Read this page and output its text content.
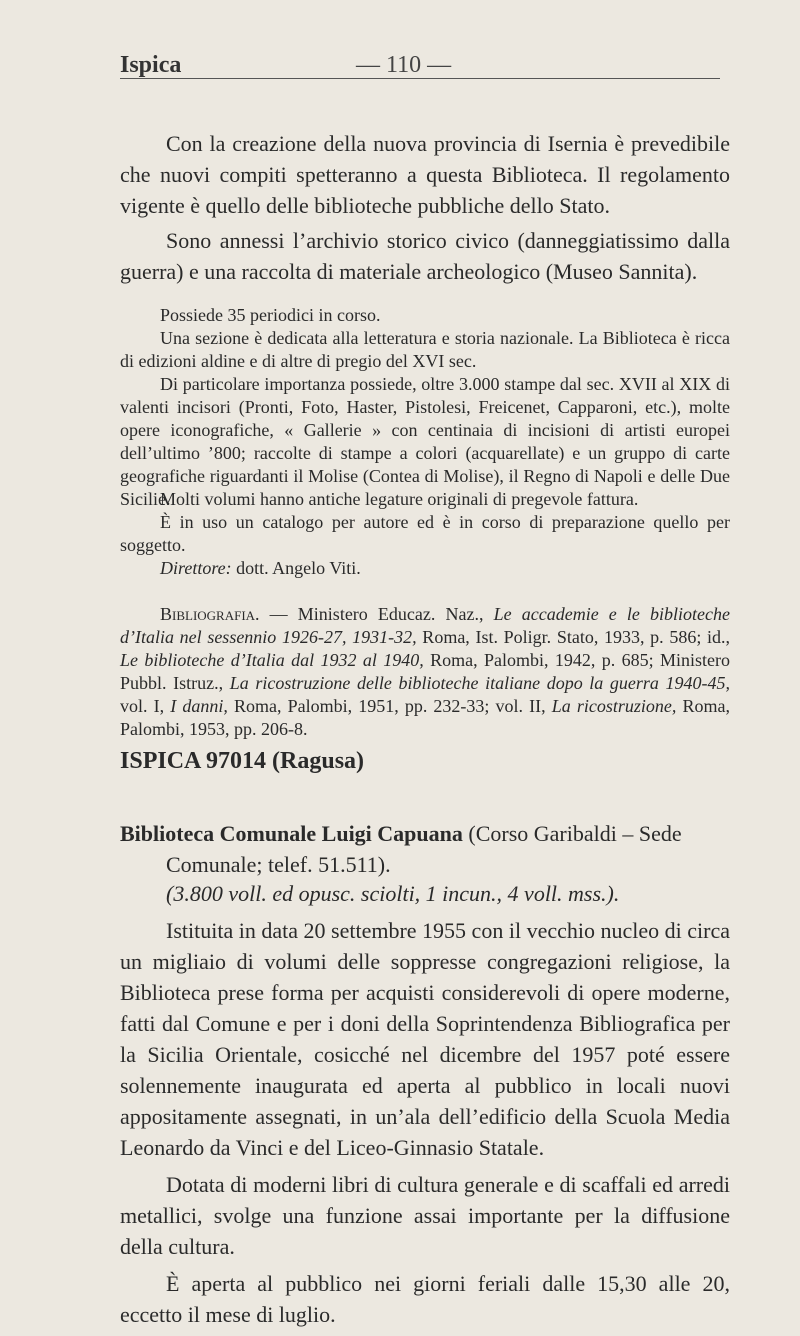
Ispica	— 110 —

Con la creazione della nuova provincia di Isernia è prevedibile che nuovi compiti spetteranno a questa Biblioteca. Il regolamento vigente è quello delle biblioteche pubbliche dello Stato.

Sono annessi l’archivio storico civico (danneggiatissimo dalla guerra) e una raccolta di materiale archeologico (Museo Sannita).

Possiede 35 periodici in corso.

Una sezione è dedicata alla letteratura e storia nazionale. La Biblioteca è ricca di edizioni aldine e di altre di pregio del XVI sec.

Di particolare importanza possiede, oltre 3.000 stampe dal sec. XVII al XIX di valenti incisori (Pronti, Foto, Haster, Pistolesi, Freicenet, Capparoni, etc.), molte opere iconografiche, « Gallerie » con centinaia di incisioni di artisti europei dell’ultimo ’800; raccolte di stampe a colori (acquarellate) e un gruppo di carte geografiche riguardanti il Molise (Contea di Molise), il Regno di Napoli e delle Due Sicilie.

Molti volumi hanno antiche legature originali di pregevole fattura.

È in uso un catalogo per autore ed è in corso di preparazione quello per soggetto.

Direttore: dott. Angelo Viti.

Bibliografia. — Ministero Educaz. Naz., Le accademie e le biblioteche d’Italia nel sessennio 1926-27, 1931-32, Roma, Ist. Poligr. Stato, 1933, p. 586; id., Le biblioteche d’Italia dal 1932 al 1940, Roma, Palombi, 1942, p. 685; Ministero Pubbl. Istruz., La ricostruzione delle biblioteche italiane dopo la guerra 1940-45, vol. I, I danni, Roma, Palombi, 1951, pp. 232-33; vol. II, La ricostruzione, Roma, Palombi, 1953, pp. 206-8.

ISPICA 97014 (Ragusa)

Biblioteca Comunale Luigi Capuana (Corso Garibaldi – Sede Comunale; telef. 51.511).

(3.800 voll. ed opusc. sciolti, 1 incun., 4 voll. mss.).

Istituita in data 20 settembre 1955 con il vecchio nucleo di circa un migliaio di volumi delle soppresse congregazioni religiose, la Biblioteca prese forma per acquisti considerevoli di opere moderne, fatti dal Comune e per i doni della Soprintendenza Bibliografica per la Sicilia Orientale, cosicché nel dicembre del 1957 poté essere solennemente inaugurata ed aperta al pubblico in locali nuovi appositamente assegnati, in un’ala dell’edificio della Scuola Media Leonardo da Vinci e del Liceo-Ginnasio Statale.

Dotata di moderni libri di cultura generale e di scaffali ed arredi metallici, svolge una funzione assai importante per la diffusione della cultura.

È aperta al pubblico nei giorni feriali dalle 15,30 alle 20, eccetto il mese di luglio.
